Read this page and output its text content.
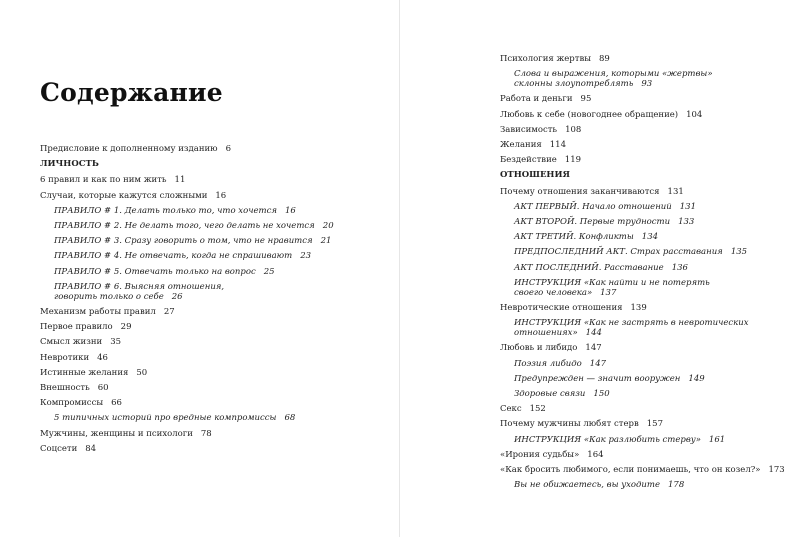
Содержание
Предисловие к дополненному изданию 6
ЛИЧНОСТЬ
6 правил и как по ним жить 11
Случаи, которые кажутся сложными 16
ПРАВИЛО # 1. Делать только то, что хочется 16
ПРАВИЛО # 2. Не делать того, чего делать не хочется 20
ПРАВИЛО # 3. Сразу говорить о том, что не нравится 21
ПРАВИЛО # 4. Не отвечать, когда не спрашивают 23
ПРАВИЛО # 5. Отвечать только на вопрос 25
ПРАВИЛО # 6. Выясняя отношения,
говорить только о себе 26
Механизм работы правил 27
Первое правило 29
Смысл жизни 35
Невротики 46
Истинные желания 50
Внешность 60
Компромиссы 66
5 типичных историй про вредные компромиссы 68
Мужчины, женщины и психологи 78
Соцсети 84
Психология жертвы 89
Слова и выражения, которыми «жертвы»
склонны злоупотреблять 93
Работа и деньги 95
Любовь к себе (новогоднее обращение) 104
Зависимость 108
Желания 114
Бездействие 119
ОТНОШЕНИЯ
Почему отношения заканчиваются 131
АКТ ПЕРВЫЙ. Начало отношений 131
АКТ ВТОРОЙ. Первые трудности 133
АКТ ТРЕТИЙ. Конфликты 134
ПРЕДПОСЛЕДНИЙ АКТ. Страх расставания 135
АКТ ПОСЛЕДНИЙ. Расставание 136
ИНСТРУКЦИЯ «Как найти и не потерять
своего человека» 137
Невротические отношения 139
ИНСТРУКЦИЯ «Как не застрять в невротических
отношениях» 144
Любовь и либидо 147
Поэзия либидо 147
Предупрежден — значит вооружен 149
Здоровые связи 150
Секс 152
Почему мужчины любят стерв 157
ИНСТРУКЦИЯ «Как разлюбить стерву» 161
«Ирония судьбы» 164
«Как бросить любимого, если понимаешь, что он козел?» 173
Вы не обижаетесь, вы уходите 178
